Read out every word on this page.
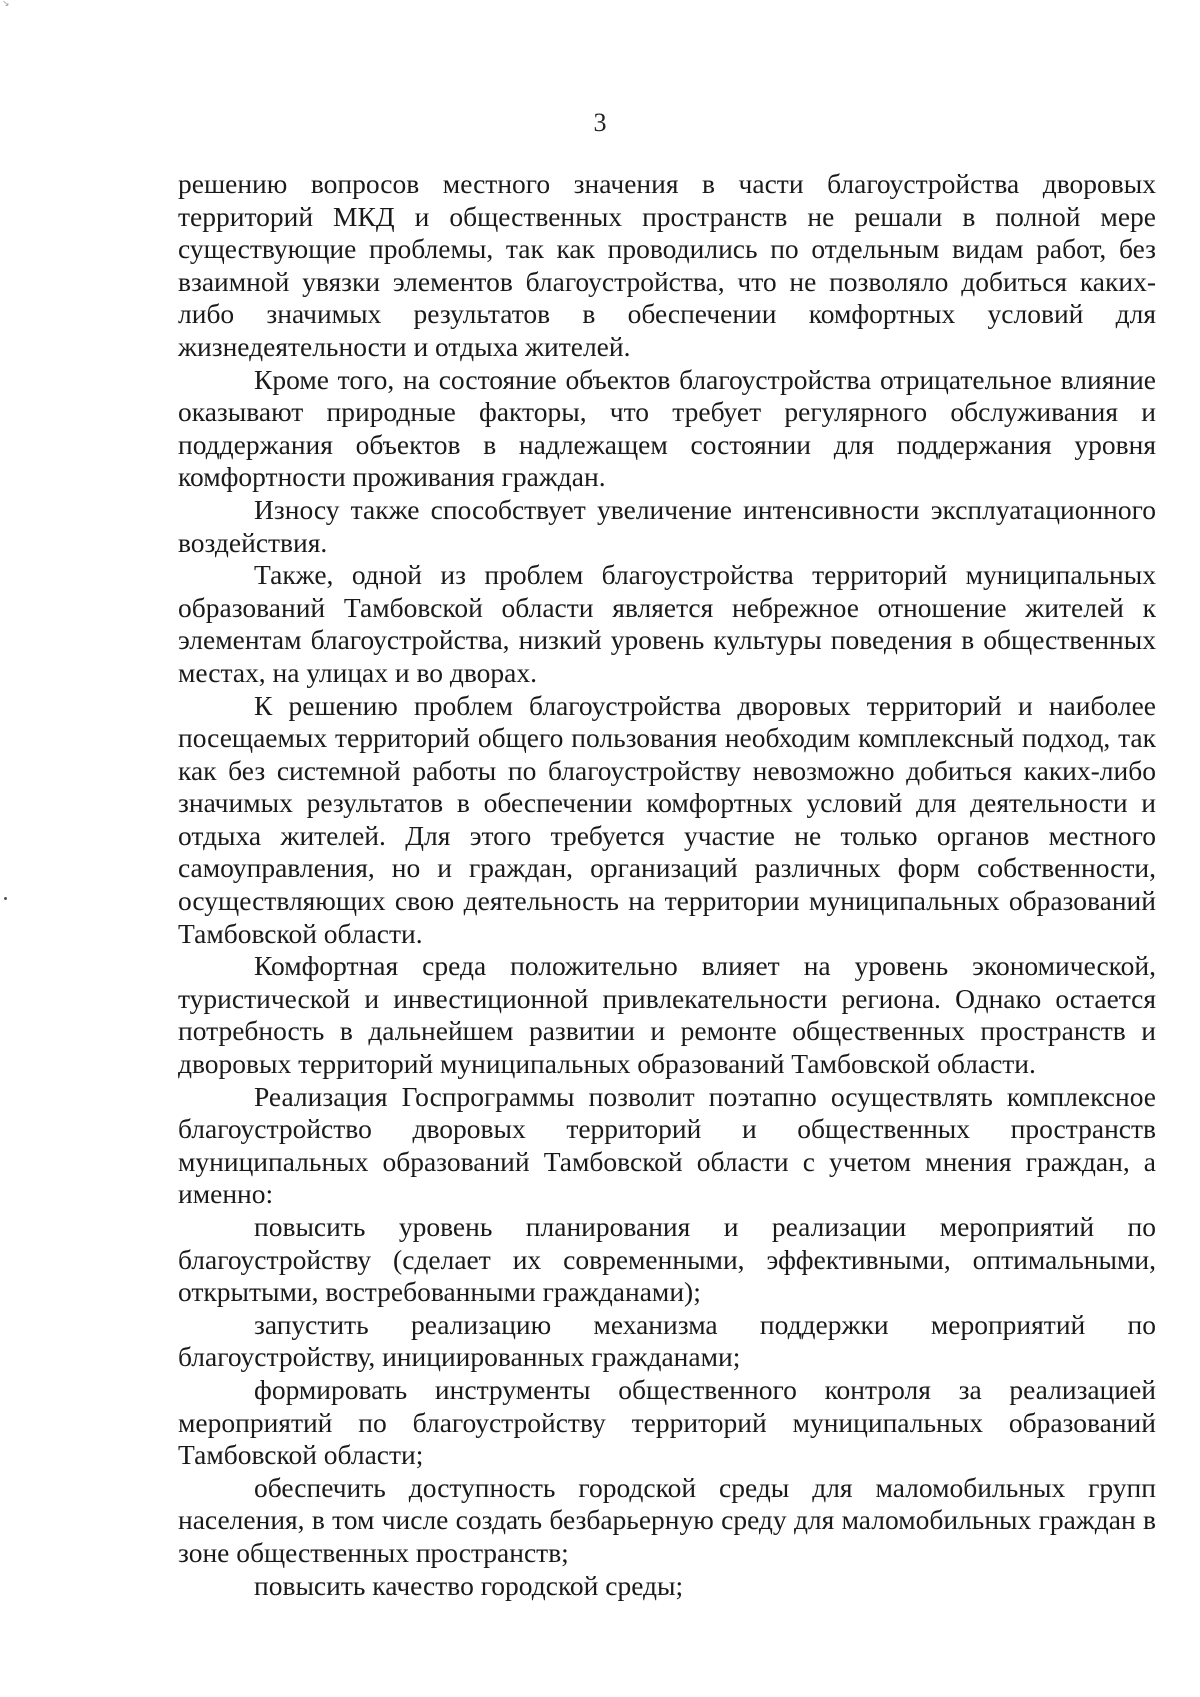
↘
3

решению вопросов местного значения в части благоустройства дворовых территорий МКД и общественных пространств не решали в полной мере существующие проблемы, так как проводились по отдельным видам работ, без взаимной увязки элементов благоустройства, что не позволяло добиться каких-либо значимых результатов в обеспечении комфортных условий для жизнедеятельности и отдыха жителей.

Кроме того, на состояние объектов благоустройства отрицательное влияние оказывают природные факторы, что требует регулярного обслуживания и поддержания объектов в надлежащем состоянии для поддержания уровня комфортности проживания граждан.

Износу также способствует увеличение интенсивности эксплуатационного воздействия.

Также, одной из проблем благоустройства территорий муниципальных образований Тамбовской области является небрежное отношение жителей к элементам благоустройства, низкий уровень культуры поведения в общественных местах, на улицах и во дворах.

К решению проблем благоустройства дворовых территорий и наиболее посещаемых территорий общего пользования необходим комплексный подход, так как без системной работы по благоустройству невозможно добиться каких-либо значимых результатов в обеспечении комфортных условий для деятельности и отдыха жителей. Для этого требуется участие не только органов местного самоуправления, но и граждан, организаций различных форм собственности, осуществляющих свою деятельность на территории муниципальных образований Тамбовской области.

Комфортная среда положительно влияет на уровень экономической, туристической и инвестиционной привлекательности региона. Однако остается потребность в дальнейшем развитии и ремонте общественных пространств и дворовых территорий муниципальных образований Тамбовской области.

Реализация Госпрограммы позволит поэтапно осуществлять комплексное благоустройство дворовых территорий и общественных пространств муниципальных образований Тамбовской области с учетом мнения граждан, а именно:

повысить уровень планирования и реализации мероприятий по благоустройству (сделает их современными, эффективными, оптимальными, открытыми, востребованными гражданами);

запустить реализацию механизма поддержки мероприятий по благоустройству, инициированных гражданами;

формировать инструменты общественного контроля за реализацией мероприятий по благоустройству территорий муниципальных образований Тамбовской области;

обеспечить доступность городской среды для маломобильных групп населения, в том числе создать безбарьерную среду для маломобильных граждан в зоне общественных пространств;

повысить качество городской среды;
